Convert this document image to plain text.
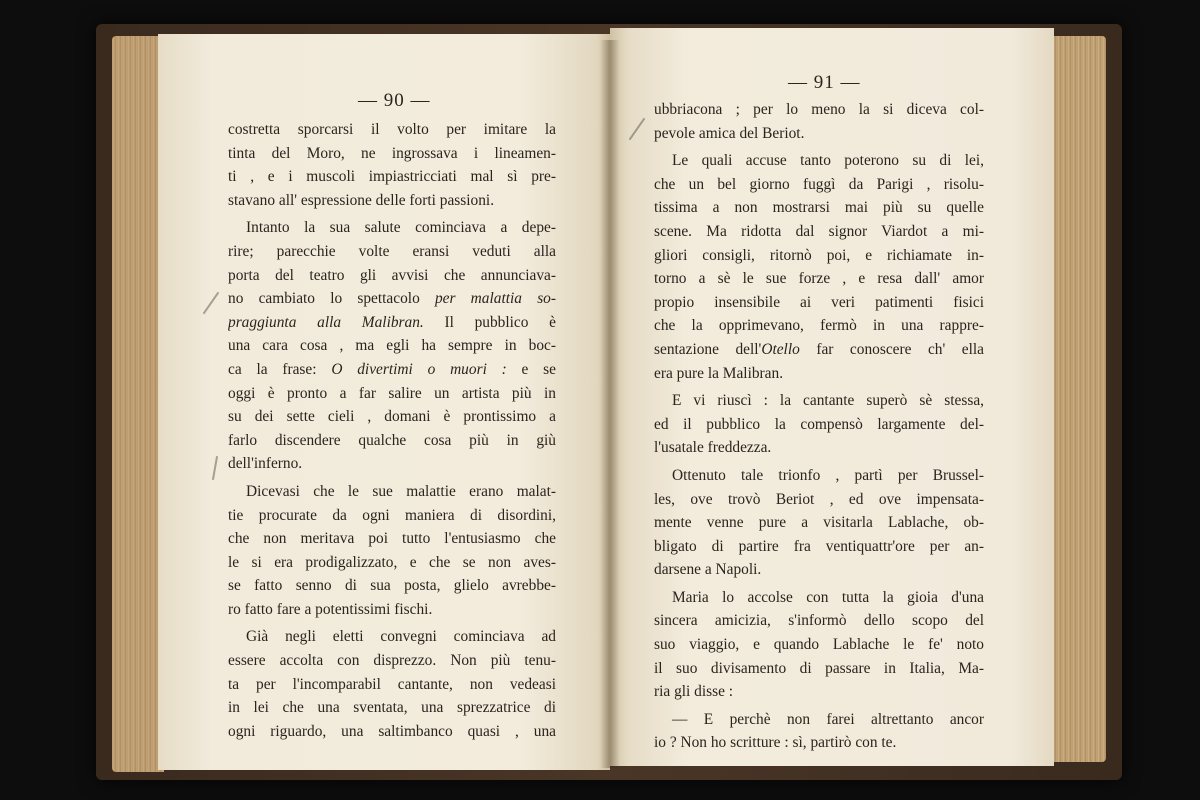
— 90 —
costretta sporcarsi il volto per imitare la
tinta del Moro, ne ingrossava i lineamen-
ti , e i muscoli impiastricciati mal sì pre-
stavano all' espressione delle forti passioni.
Intanto la sua salute cominciava a depe-
rire; parecchie volte eransi veduti alla
porta del teatro gli avvisi che annunciava-
no cambiato lo spettacolo per malattia so-
praggiunta alla Malibran. Il pubblico è
una cara cosa , ma egli ha sempre in boc-
ca la frase: O divertimi o muori : e se
oggi è pronto a far salire un artista più in
su dei sette cieli , domani è prontissimo a
farlo discendere qualche cosa più in giù
dell'inferno.
Dicevasi che le sue malattie erano malat-
tie procurate da ogni maniera di disordini,
che non meritava poi tutto l'entusiasmo che
le si era prodigalizzato, e che se non aves-
se fatto senno di sua posta, glielo avrebbe-
ro fatto fare a potentissimi fischi.
Già negli eletti convegni cominciava ad
essere accolta con disprezzo. Non più tenu-
ta per l'incomparabil cantante, non vedeasi
in lei che una sventata, una sprezzatrice di
ogni riguardo, una saltimbanco quasi , una
— 91 —
ubbriacona ; per lo meno la si diceva col-
pevole amica del Beriot.
Le quali accuse tanto poterono su di lei,
che un bel giorno fuggì da Parigi , risolu-
tissima a non mostrarsi mai più su quelle
scene. Ma ridotta dal signor Viardot a mi-
gliori consigli, ritornò poi, e richiamate in-
torno a sè le sue forze , e resa dall' amor
propio insensibile ai veri patimenti fisici
che la opprimevano, fermò in una rappre-
sentazione dell'Otello far conoscere ch' ella
era pure la Malibran.
E vi riuscì : la cantante superò sè stessa,
ed il pubblico la compensò largamente del-
l'usatale freddezza.
Ottenuto tale trionfo , partì per Brussel-
les, ove trovò Beriot , ed ove impensata-
mente venne pure a visitarla Lablache, ob-
bligato di partire fra ventiquattr'ore per an-
darsene a Napoli.
Maria lo accolse con tutta la gioia d'una
sincera amicizia, s'informò dello scopo del
suo viaggio, e quando Lablache le fe' noto
il suo divisamento di passare in Italia, Ma-
ria gli disse :
— E perchè non farei altrettanto ancor
io ? Non ho scritture : sì, partirò con te.
